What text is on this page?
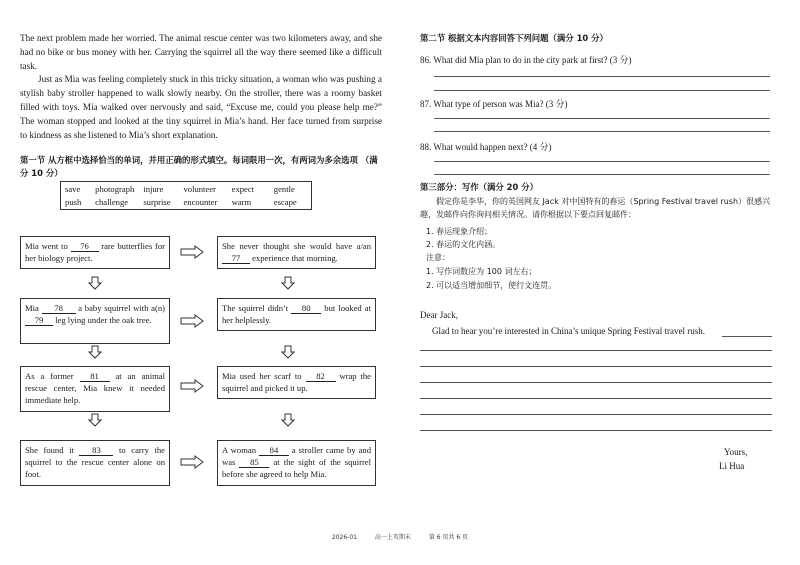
The next problem made her worried. The animal rescue center was two kilometers away, and she had no bike or bus money with her. Carrying the squirrel all the way there seemed like a difficult task.

Just as Mia was feeling completely stuck in this tricky situation, a woman who was pushing a stylish baby stroller happened to walk slowly nearby. On the stroller, there was a roomy basket filled with toys. Mia walked over nervously and said, “Excuse me, could you please help me?” The woman stopped and looked at the tiny squirrel in Mia’s hand. Her face turned from surprise to kindness as she listened to Mia’s short explanation.

第一节 从方框中选择恰当的单词，并用正确的形式填空。每词限用一次，有两词为多余选项 （满分 10 分）

save photograph injure volunteer expect gentle
push challenge surprise encounter warm	escape
Mia went to 76 rare butterflies for her biology project.
She never thought she would have a/an 77 experience that morning.
Mia 78 a baby squirrel with a(n) 79 leg lying under the oak tree.
The squirrel didn’t 80 but looked at her helplessly.
As a former 81 at an animal rescue center, Mia knew it needed immediate help.
Mia used her scarf to 82 wrap the squirrel and picked it up.
She found it 83 to carry the squirrel to the rescue center alone on foot.
A woman 84 a stroller came by and was 85 at the sight of the squirrel before she agreed to help Mia.
第二节 根据文本内容回答下列问题（满分 10 分）
86. What did Mia plan to do in the city park at first? (3 分)
87. What type of person was Mia? (3 分)
88. What would happen next? (4 分)
第三部分：写作（满分 20 分）
假定你是李华，你的英国网友 Jack 对中国特有的春运（Spring Festival travel rush）很感兴趣，发邮件向你询问相关情况。请你根据以下要点回复邮件：
1. 春运现象介绍；
2. 春运的文化内涵。
注意：
1. 写作词数应为 100 词左右；
2. 可以适当增加细节，使行文连贯。
Dear Jack,
Glad to hear you’re interested in China’s unique Spring Festival travel rush.
Yours,
Li Hua
2026-01	高一上英期末	第 6 页共 6 页
